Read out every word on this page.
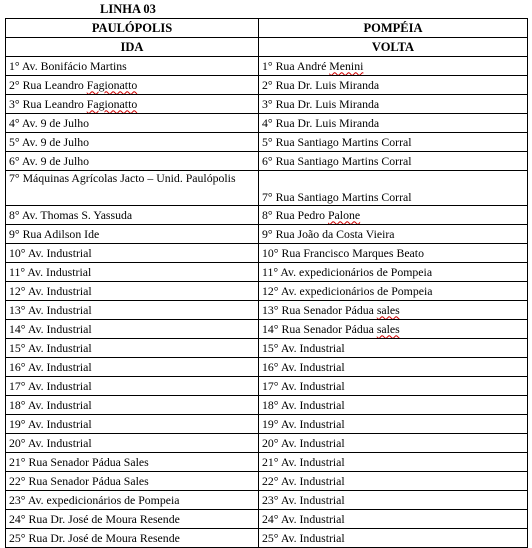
LINHA 03
PAULÓPOLIS	POMPÉIA
IDA	VOLTA
1° Av. Bonifácio Martins	1° Rua André Menini
2° Rua Leandro Fagionatto	2° Rua Dr. Luis Miranda
3° Rua Leandro Fagionatto	3° Rua Dr. Luis Miranda
4° Av. 9 de Julho	4° Rua Dr. Luis Miranda
5° Av. 9 de Julho	5° Rua Santiago Martins Corral
6° Av. 9 de Julho	6° Rua Santiago Martins Corral
7° Máquinas Agrícolas Jacto – Unid. Paulópolis	7° Rua Santiago Martins Corral
8° Av. Thomas S. Yassuda	8° Rua Pedro Palone
9° Rua Adilson Ide	9° Rua João da Costa Vieira
10° Av. Industrial	10° Rua Francisco Marques Beato
11° Av. Industrial	11° Av. expedicionários de Pompeia
12° Av. Industrial	12° Av. expedicionários de Pompeia
13° Av. Industrial	13° Rua Senador Pádua sales
14° Av. Industrial	14° Rua Senador Pádua sales
15° Av. Industrial	15° Av. Industrial
16° Av. Industrial	16° Av. Industrial
17° Av. Industrial	17° Av. Industrial
18° Av. Industrial	18° Av. Industrial
19° Av. Industrial	19° Av. Industrial
20° Av. Industrial	20° Av. Industrial
21° Rua Senador Pádua Sales	21° Av. Industrial
22° Rua Senador Pádua Sales	22° Av. Industrial
23° Av. expedicionários de Pompeia	23° Av. Industrial
24° Rua Dr. José de Moura Resende	24° Av. Industrial
25° Rua Dr. José de Moura Resende	25° Av. Industrial
